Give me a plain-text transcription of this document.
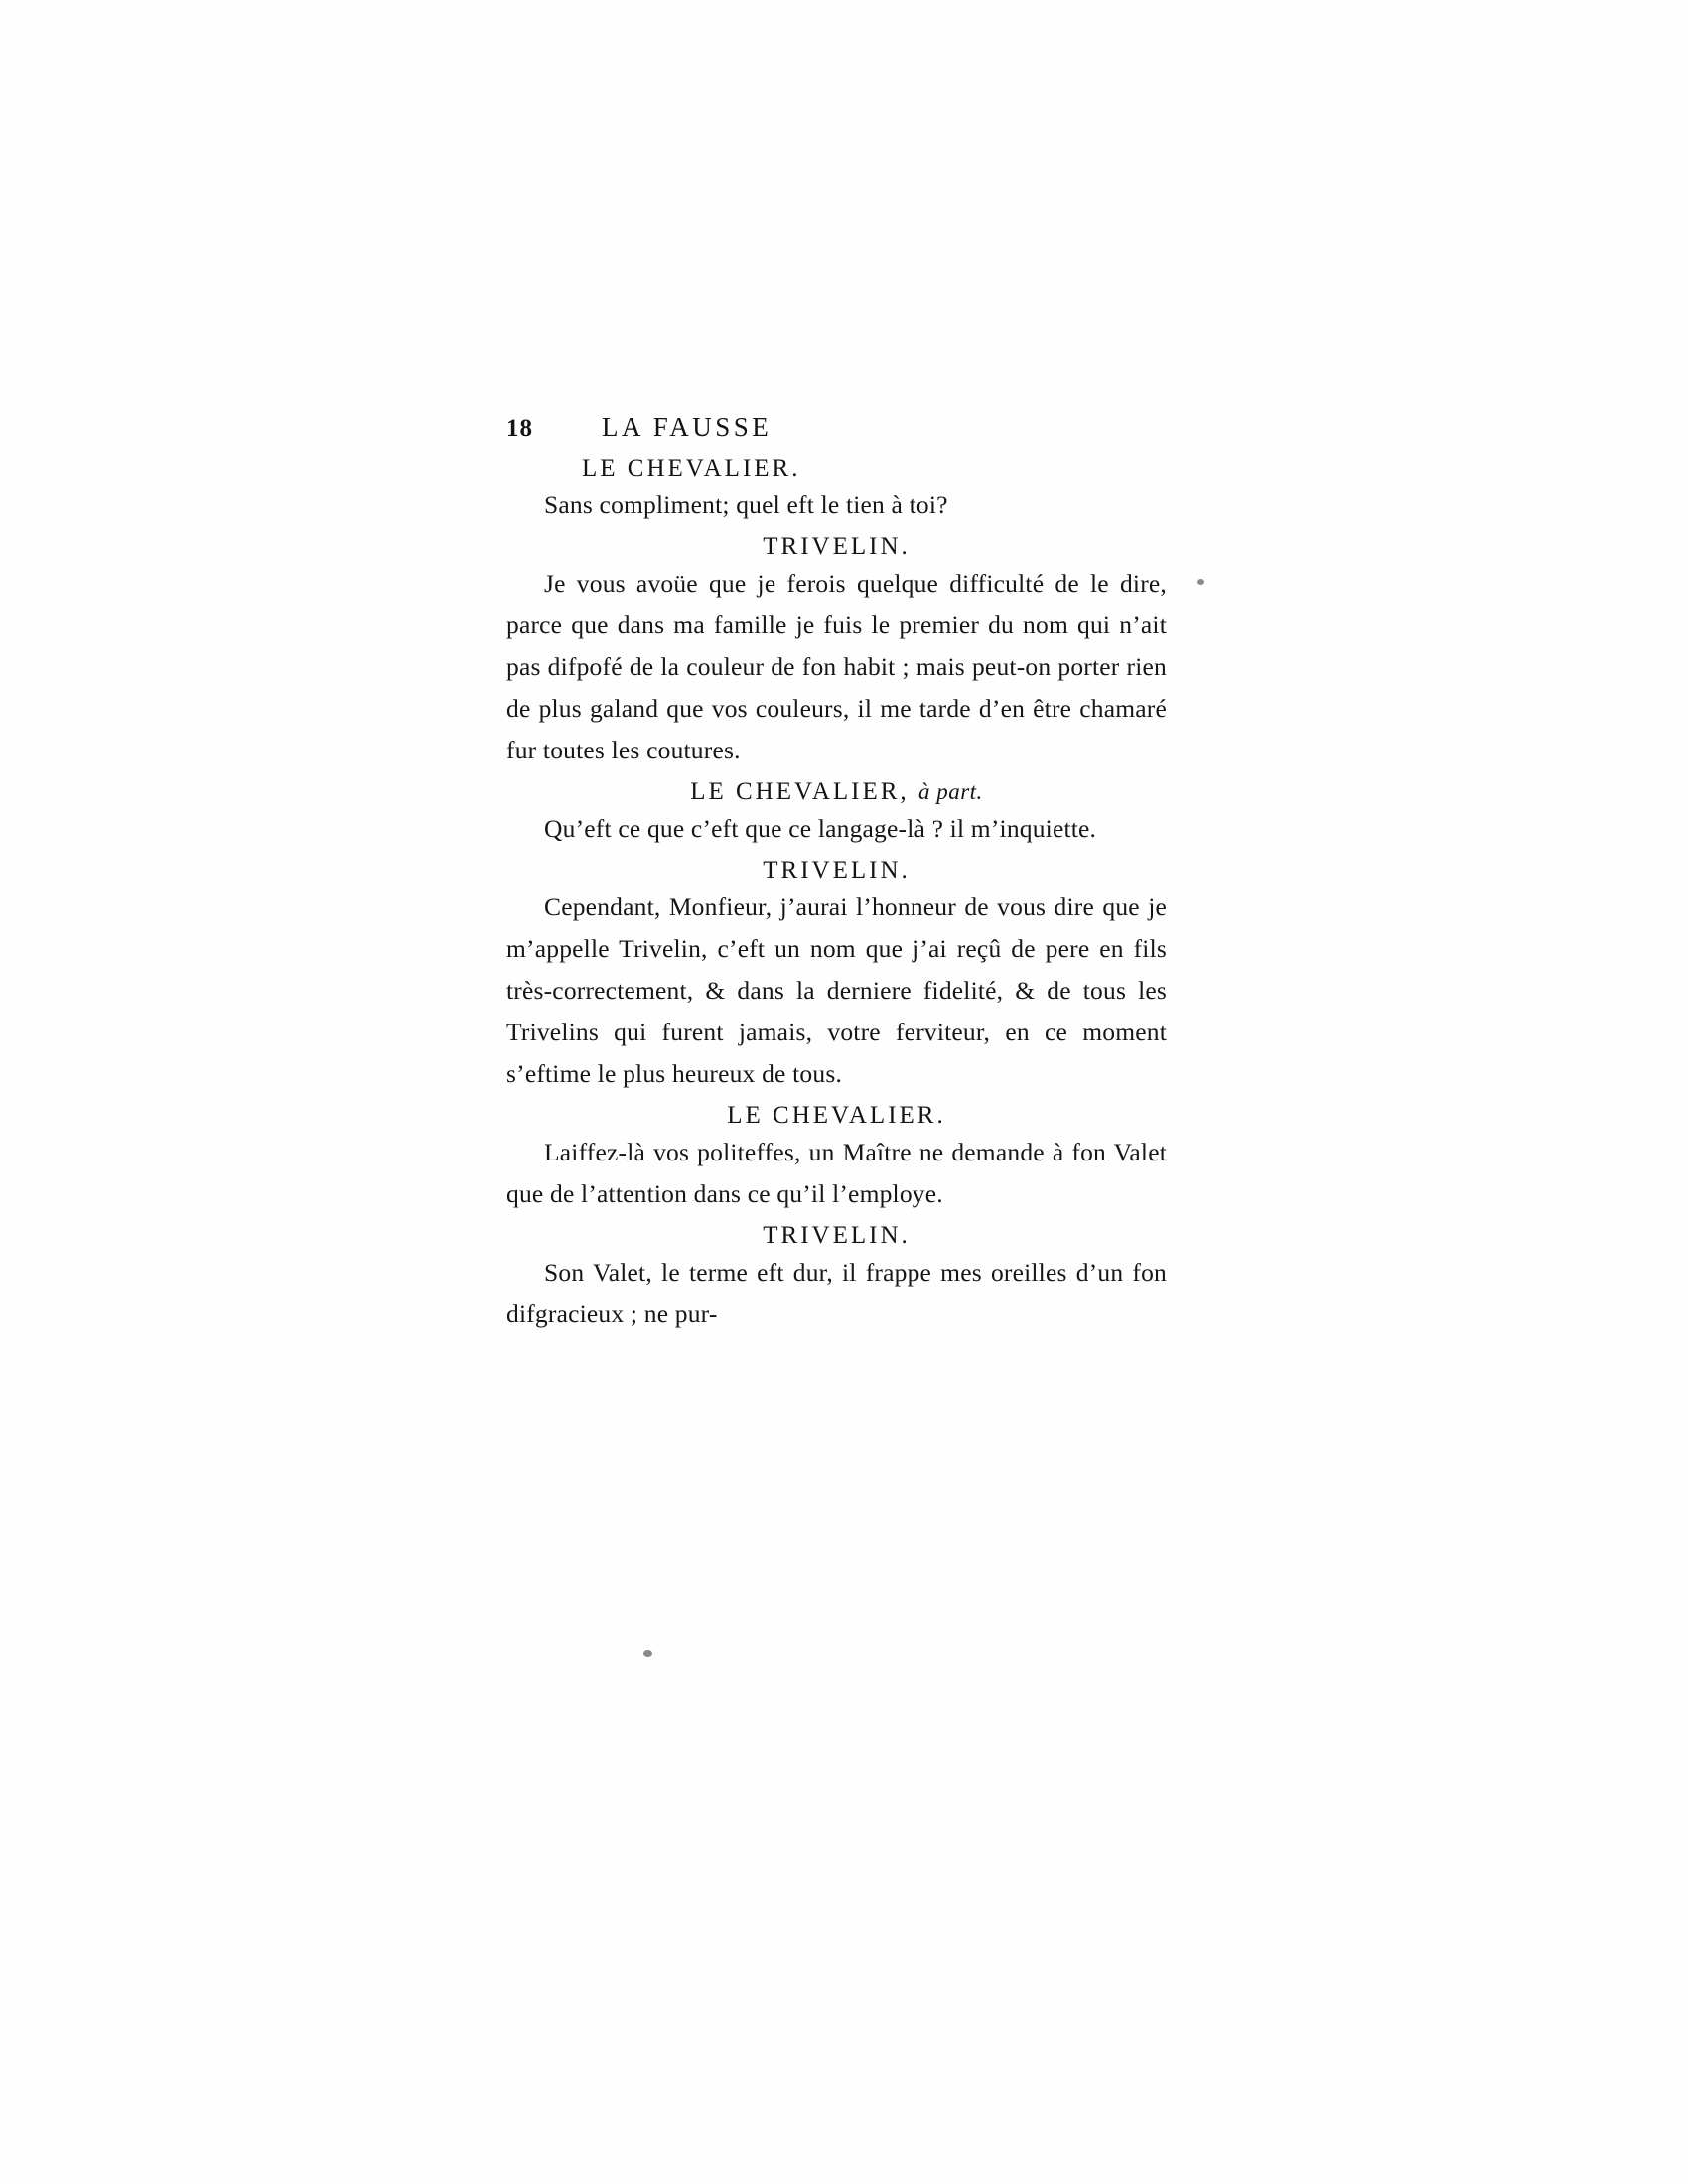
18	LA FAUSSE
LE CHEVALIER.

Sans compliment; quel eft le tien à toi?

TRIVELIN.

Je vous avoüe que je ferois quelque difficulté de le dire, parce que dans ma famille je fuis le premier du nom qui n’ait pas difpofé de la couleur de fon habit ; mais peut-on porter rien de plus galand que vos couleurs, il me tarde d’en être chamaré fur toutes les coutures.

LE CHEVALIER, à part.

Qu’eft ce que c’eft que ce langage-là ? il m’inquiette.

TRIVELIN.

Cependant, Monfieur, j’aurai l’honneur de vous dire que je m’appelle Trivelin, c’eft un nom que j’ai reçû de pere en fils très-correctement, & dans la derniere fidelité, & de tous les Trivelins qui furent jamais, votre ferviteur, en ce moment s’eftime le plus heureux de tous.

LE CHEVALIER.

Laiffez-là vos politeffes, un Maître ne demande à fon Valet que de l’attention dans ce qu’il l’employe.

TRIVELIN.

Son Valet, le terme eft dur, il frappe mes oreilles d’un fon difgracieux ; ne pur-
